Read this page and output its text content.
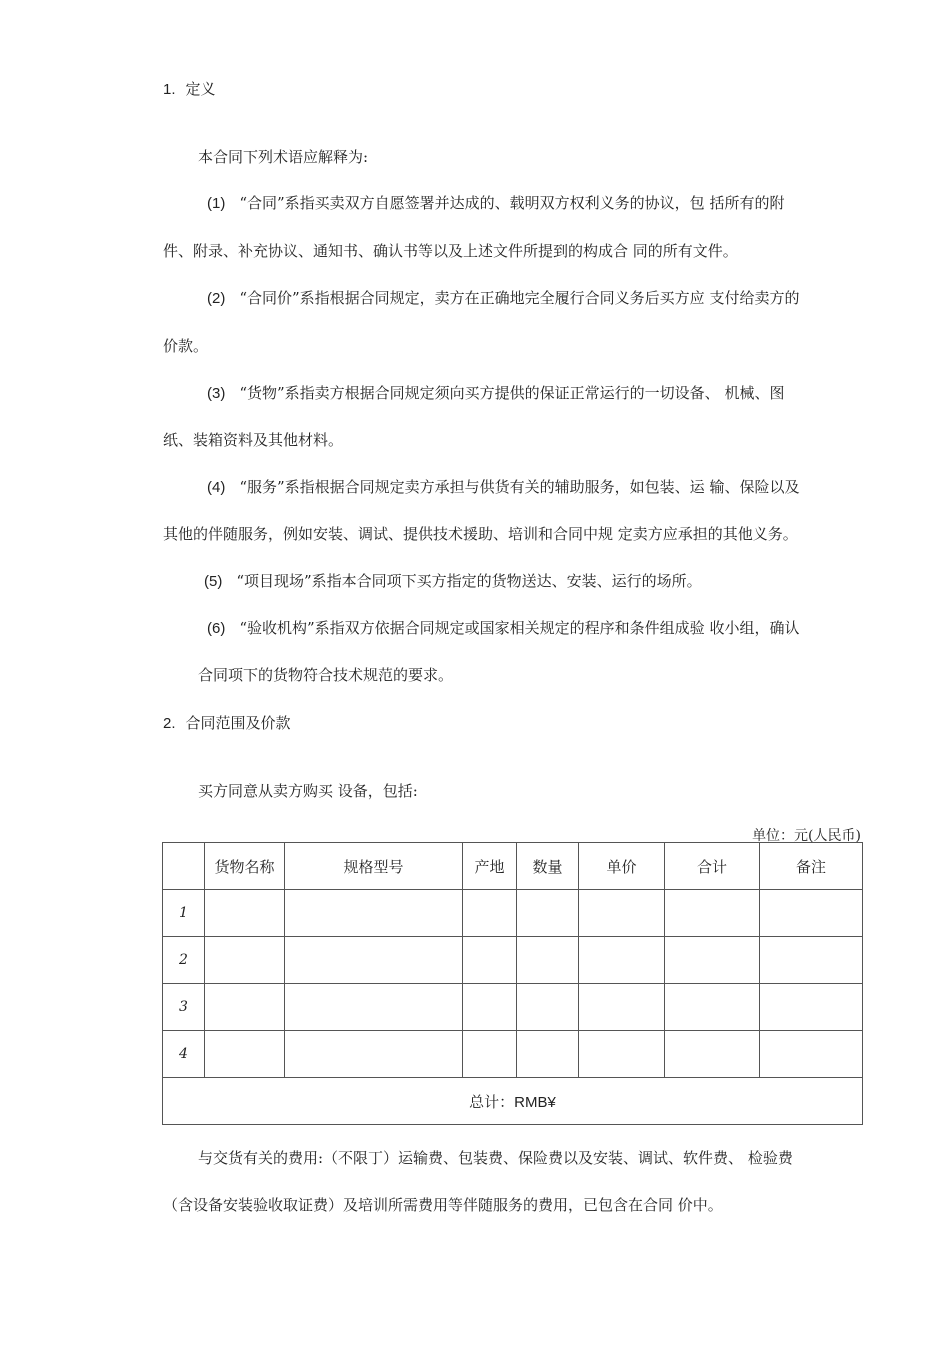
1. 定义
本合同下列术语应解释为:
(1) “合同”系指买卖双方自愿签署并达成的、载明双方权利义务的协议，包 括所有的附
件、附录、补充协议、通知书、确认书等以及上述文件所提到的构成合 同的所有文件。
(2) “合同价”系指根据合同规定，卖方在正确地完全履行合同义务后买方应 支付给卖方的
价款。
(3) “货物”系指卖方根据合同规定须向买方提供的保证正常运行的一切设备、 机械、图
纸、装箱资料及其他材料。
(4) “服务”系指根据合同规定卖方承担与供货有关的辅助服务，如包装、运 输、保险以及
其他的伴随服务，例如安装、调试、提供技术援助、培训和合同中规 定卖方应承担的其他义务。
(5) “项目现场”系指本合同项下买方指定的货物送达、安装、运行的场所。
(6) “验收机构”系指双方依据合同规定或国家相关规定的程序和条件组成验 收小组，确认
合同项下的货物符合技术规范的要求。
2. 合同范围及价款
买方同意从卖方购买 设备，包括:
单位：元(人民币)
	货物名称	规格型号	产地	数量	单价	合计	备注
1							
2							
3							
4							
总计：RMB¥							
与交货有关的费用:（不限丁）运输费、包装费、保险费以及安装、调试、软件费、 检验费
（含设备安装验收取证费）及培训所需费用等伴随服务的费用，已包含在合同 价中。
